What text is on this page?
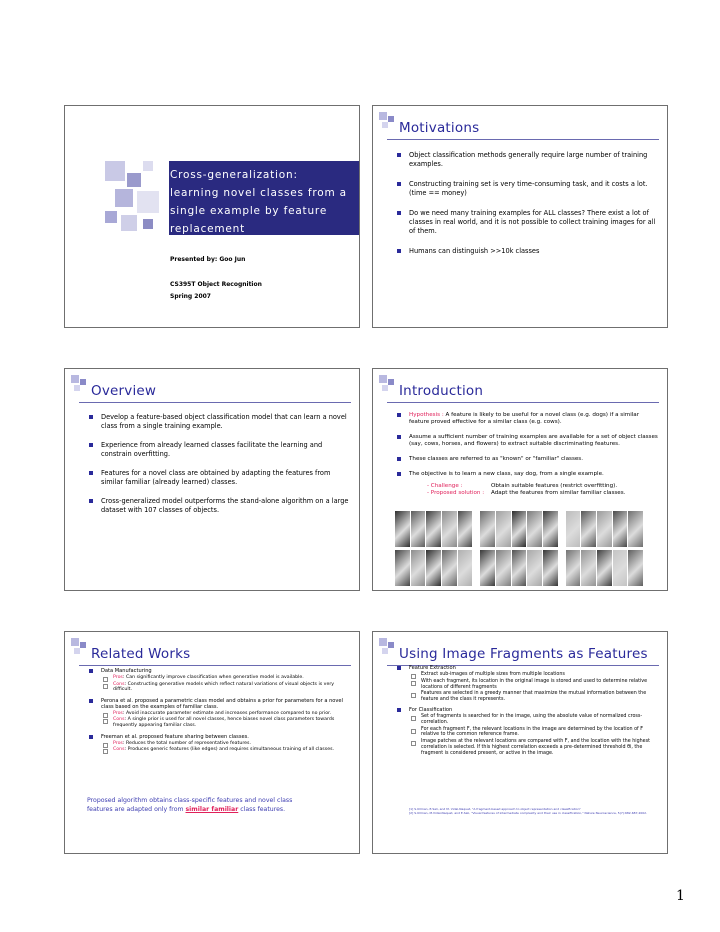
Cross-generalization:
learning novel classes from a
single example by feature
replacement
Presented by: Goo Jun
CS395T Object Recognition
Spring 2007
Motivations
Object classification methods generally require large number of training examples.
Constructing training set is very time-consuming task, and it costs a lot. (time == money)
Do we need many training examples for ALL classes? There exist a lot of classes in real world, and it is not possible to collect training images for all of them.
Humans can distinguish >>10k classes
Overview
Develop a feature-based object classification model that can learn a novel class from a single training example.
Experience from already learned classes facilitate the learning and constrain overfitting.
Features for a novel class are obtained by adapting the features from similar familiar (already learned) classes.
Cross-generalized model outperforms the stand-alone algorithm on a large dataset with 107 classes of objects.
Introduction
Hypothesis : A feature is likely to be useful for a novel class (e.g. dogs) if a similar feature proved effective for a similar class (e.g. cows).
Assume a sufficient number of training examples are available for a set of object classes (say, cows, horses, and flowers) to extract suitable discriminating features.
These classes are referred to as "known" or "familiar" classes.
The objective is to learn a new class, say dog, from a single example.
- Challenge :	Obtain suitable features (restrict overfitting).
- Proposed solution : Adapt the features from similar familiar classes.
Related Works
Data Manufacturing
Pros: Can significantly improve classification when generative model is available.
Cons: Constructing generative models which reflect natural variations of visual objects is very difficult.
Perona et al. proposed a parametric class model and obtains a prior for parameters for a novel class based on the examples of familiar class.
Pros: Avoid inaccurate parameter estimate and increases performance compared to no prior.
Cons: A single prior is used for all novel classes, hence biases novel class parameters towards frequently appearing familiar class.
Freeman et al. proposed feature sharing between classes.
Pros: Reduces the total number of representative features.
Cons: Produces generic features (like edges) and requires simultaneous training of all classes.
Proposed algorithm obtains class-specific features and novel class features are adapted only from similar familiar class features.
Using Image Fragments as Features
Feature Extraction
Extract sub-images of multiple sizes from multiple locations
With each fragment, its location in the original image is stored and used to determine relative locations of different fragments
Features are selected in a greedy manner that maximize the mutual information between the feature and the class it represents.
For Classification
Set of fragments is searched for in the image, using the absolute value of normalized cross-correlation.
For each fragment F, the relevant locations in the image are determined by the location of F relative to the common reference frame.
Image patches at the relevant locations are compared with F, and the location with the highest correlation is selected. If this highest correlation exceeds a pre-determined threshold θi, the fragment is considered present, or active in the image.
[1] S.Ullman, E.Sali, and M. Vidal-Naquet, "A fragment-based approach to object representation and classification"
[2] S.Ullman, M.Vidal-Naquet, and E.Sali, "Visual features of intermediate complexity and their use in classification," Nature Neuroscience, 5(7):682-687,2002.
1
